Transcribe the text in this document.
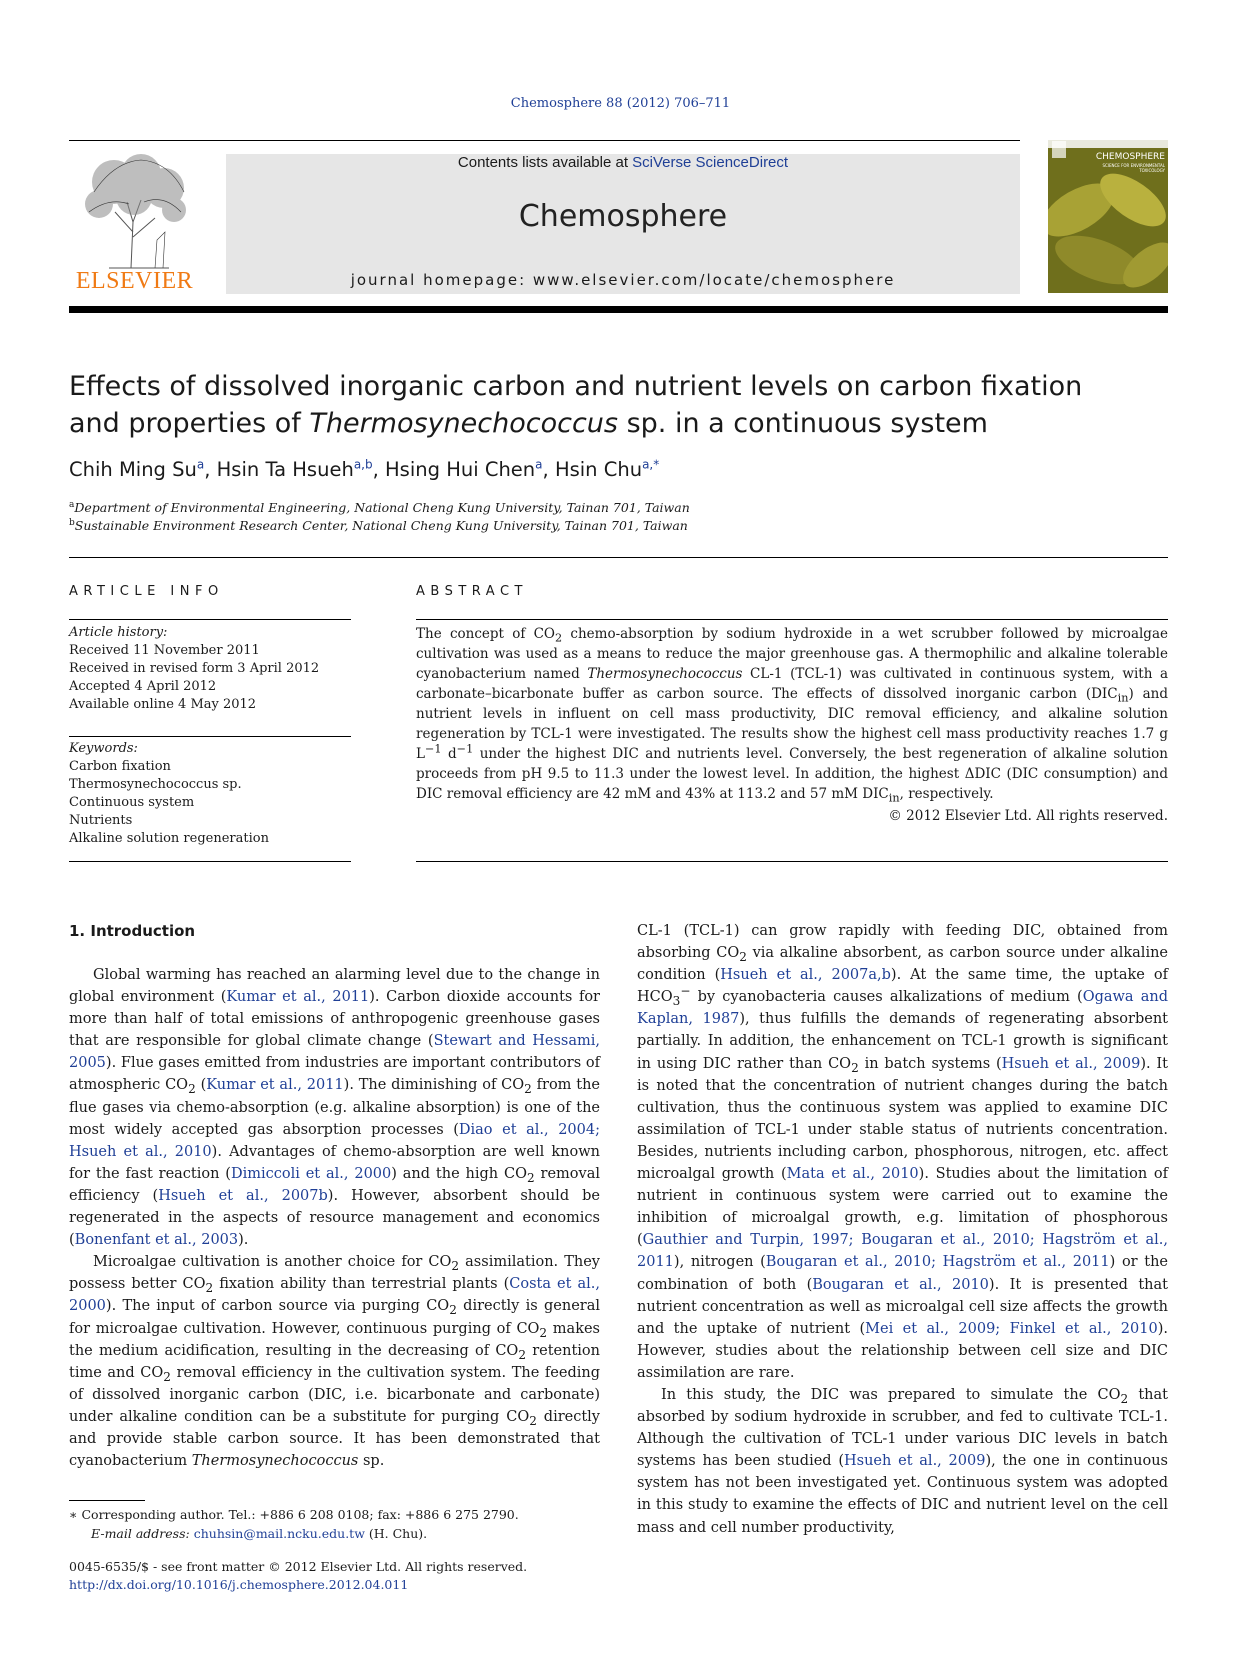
Chemosphere 88 (2012) 706–711
ELSEVIER
Contents lists available at SciVerse ScienceDirect
Chemosphere
journal homepage: www.elsevier.com/locate/chemosphere
CHEMOSPHERE
SCIENCE FOR ENVIRONMENTAL TOXICOLOGY
Effects of dissolved inorganic carbon and nutrient levels on carbon fixation
and properties of Thermosynechococcus sp. in a continuous system
Chih Ming Su$^a$, Hsin Ta Hsueh$^{a,b}$, Hsing Hui Chen$^a$, Hsin Chu$^{a,*}$
$^a$Department of Environmental Engineering, National Cheng Kung University, Tainan 701, Taiwan
$^b$Sustainable Environment Research Center, National Cheng Kung University, Tainan 701, Taiwan
ARTICLE INFO
Article history:
Received 11 November 2011
Received in revised form 3 April 2012
Accepted 4 April 2012
Available online 4 May 2012
Keywords:
Carbon fixation
Thermosynechococcus sp.
Continuous system
Nutrients
Alkaline solution regeneration
ABSTRACT
The concept of $CO_2$ chemo-absorption by sodium hydroxide in a wet scrubber followed by microalgae cultivation was used as a means to reduce the major greenhouse gas. A thermophilic and alkaline tolerable cyanobacterium named Thermosynechococcus CL-1 (TCL-1) was cultivated in continuous system, with a carbonate–bicarbonate buffer as carbon source. The effects of dissolved inorganic carbon $(DIC_{in})$ and nutrient levels in influent on cell mass productivity, DIC removal efficiency, and alkaline solution regeneration by TCL-1 were investigated. The results show the highest cell mass productivity reaches 1.7 g $L^{-1}$ $d^{-1}$ under the highest DIC and nutrients level. Conversely, the best regeneration of alkaline solution proceeds from pH 9.5 to 11.3 under the lowest level. In addition, the highest ΔDIC (DIC consumption) and DIC removal efficiency are 42 mM and 43% at 113.2 and 57 mM $DIC_{in}$, respectively.
© 2012 Elsevier Ltd. All rights reserved.
1. Introduction

Global warming has reached an alarming level due to the change in global environment (Kumar et al., 2011). Carbon dioxide accounts for more than half of total emissions of anthropogenic greenhouse gases that are responsible for global climate change (Stewart and Hessami, 2005). Flue gases emitted from industries are important contributors of atmospheric $CO_2$ (Kumar et al., 2011). The diminishing of $CO_2$ from the flue gases via chemo-absorption (e.g. alkaline absorption) is one of the most widely accepted gas absorption processes (Diao et al., 2004; Hsueh et al., 2010). Advantages of chemo-absorption are well known for the fast reaction (Dimiccoli et al., 2000) and the high $CO_2$ removal efficiency (Hsueh et al., 2007b). However, absorbent should be regenerated in the aspects of resource management and economics (Bonenfant et al., 2003).

Microalgae cultivation is another choice for $CO_2$ assimilation. They possess better $CO_2$ fixation ability than terrestrial plants (Costa et al., 2000). The input of carbon source via purging $CO_2$ directly is general for microalgae cultivation. However, continuous purging of $CO_2$ makes the medium acidification, resulting in the decreasing of $CO_2$ retention time and $CO_2$ removal efficiency in the cultivation system. The feeding of dissolved inorganic carbon (DIC, i.e. bicarbonate and carbonate) under alkaline condition can be a substitute for purging $CO_2$ directly and provide stable carbon source. It has been demonstrated that cyanobacterium Thermosynechococcus sp.

∗ Corresponding author. Tel.: +886 6 208 0108; fax: +886 6 275 2790.
E-mail address: chuhsin@mail.ncku.edu.tw (H. Chu).
0045-6535/$ - see front matter © 2012 Elsevier Ltd. All rights reserved.
http://dx.doi.org/10.1016/j.chemosphere.2012.04.011

CL-1 (TCL-1) can grow rapidly with feeding DIC, obtained from absorbing $CO_2$ via alkaline absorbent, as carbon source under alkaline condition (Hsueh et al., 2007a,b). At the same time, the uptake of $HCO_3^-$ by cyanobacteria causes alkalizations of medium (Ogawa and Kaplan, 1987), thus fulfills the demands of regenerating absorbent partially. In addition, the enhancement on TCL-1 growth is significant in using DIC rather than $CO_2$ in batch systems (Hsueh et al., 2009). It is noted that the concentration of nutrient changes during the batch cultivation, thus the continuous system was applied to examine DIC assimilation of TCL-1 under stable status of nutrients concentration. Besides, nutrients including carbon, phosphorous, nitrogen, etc. affect microalgal growth (Mata et al., 2010). Studies about the limitation of nutrient in continuous system were carried out to examine the inhibition of microalgal growth, e.g. limitation of phosphorous (Gauthier and Turpin, 1997; Bougaran et al., 2010; Hagström et al., 2011), nitrogen (Bougaran et al., 2010; Hagström et al., 2011) or the combination of both (Bougaran et al., 2010). It is presented that nutrient concentration as well as microalgal cell size affects the growth and the uptake of nutrient (Mei et al., 2009; Finkel et al., 2010). However, studies about the relationship between cell size and DIC assimilation are rare.

In this study, the DIC was prepared to simulate the $CO_2$ that absorbed by sodium hydroxide in scrubber, and fed to cultivate TCL-1. Although the cultivation of TCL-1 under various DIC levels in batch systems has been studied (Hsueh et al., 2009), the one in continuous system has not been investigated yet. Continuous system was adopted in this study to examine the effects of DIC and nutrient level on the cell mass and cell number productivity,
